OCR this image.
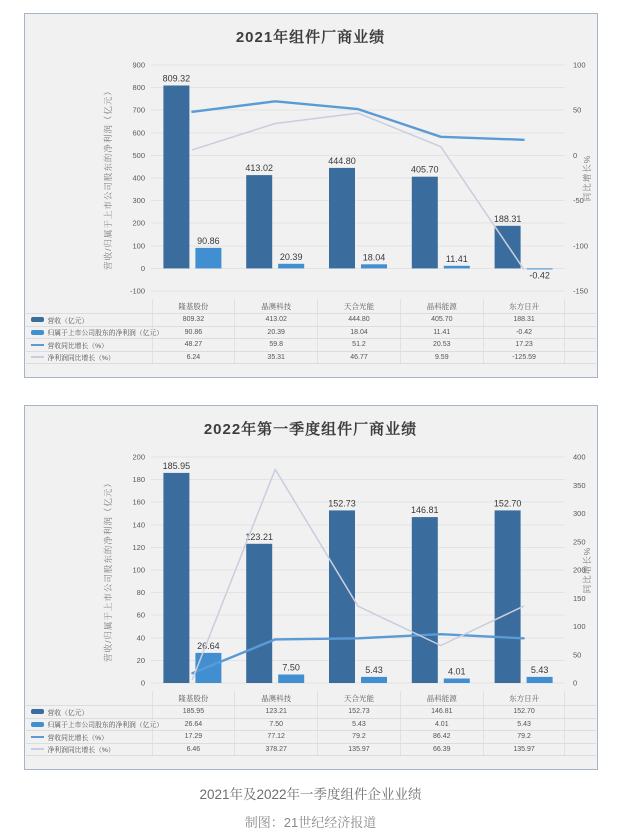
2021年组件厂商业绩
-100
0
100
200
300
400
500
600
700
800
900
-150
-100
-50
0
50
100
营收/归属于上市公司股东的净利润（亿元）	同比增长%
809.32
413.02
444.80
405.70
188.31
90.86
20.39	18.04	11.41
-0.42
隆基股份	晶澳科技	天合光能	晶科能源	东方日升
营收（亿元）	809.32	413.02	444.80	405.70	188.31
归属于上市公司股东的净利润（亿元）	90.86	20.39	18.04	11.41	-0.42
营收同比增长（%）	48.27	59.8	51.2	20.53	17.23
净利润同比增长（%）	6.24	35.31	46.77	9.59	-125.59
2022年第一季度组件厂商业绩
0
20
40
60
80
100
120
140
160
180
200
0
50
100
150
200
250
300
350
400
营收/归属于上市公司股东的净利润（亿元）	同比增长%
185.95
123.21
152.73
146.81
152.70
26.64
7.50	5.43	4.01	5.43
隆基股份	晶澳科技	天合光能	晶科能源	东方日升
营收（亿元）	185.95	123.21	152.73	146.81	152.70
归属于上市公司股东的净利润（亿元）	26.64	7.50	5.43	4.01	5.43
营收同比增长（%）	17.29	77.12	79.2	86.42	79.2
净利润同比增长（%）	6.46	378.27	135.97	66.39	135.97
2021年及2022年一季度组件企业业绩
制图：21世纪经济报道
